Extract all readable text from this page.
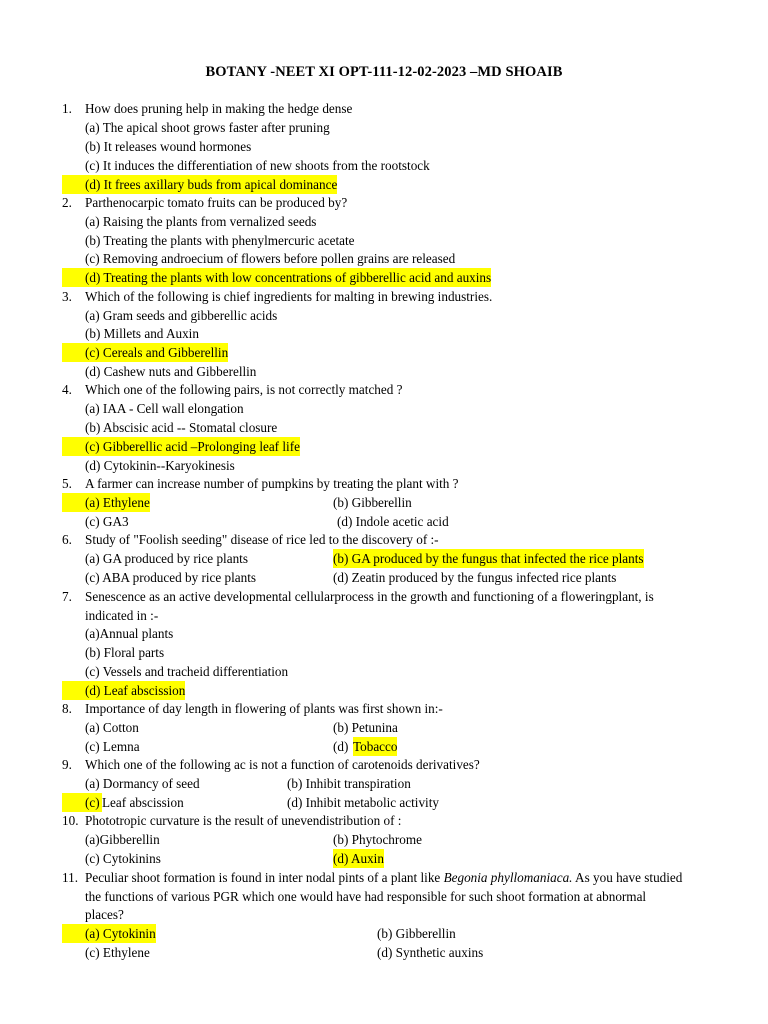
BOTANY -NEET XI OPT-111-12-02-2023 –MD SHOAIB
1. How does pruning help in making the hedge dense
(a) The apical shoot grows faster after pruning
(b) It releases wound hormones
(c) It induces the differentiation of new shoots from the rootstock
(d) It frees axillary buds from apical dominance
2. Parthenocarpic tomato fruits can be produced by?
(a) Raising the plants from vernalized seeds
(b) Treating the plants with phenylmercuric acetate
(c) Removing androecium of flowers before pollen grains are released
(d) Treating the plants with low concentrations of gibberellic acid and auxins
3. Which of the following is chief ingredients for malting in brewing industries.
(a) Gram seeds and gibberellic acids
(b) Millets and Auxin
(c) Cereals and Gibberellin
(d) Cashew nuts and Gibberellin
4. Which one of the following pairs, is not correctly matched ?
(a) IAA - Cell wall elongation
(b) Abscisic acid -- Stomatal closure
(c) Gibberellic acid –Prolonging leaf life
(d) Cytokinin--Karyokinesis
5. A farmer can increase number of pumpkins by treating the plant with ?
(a) Ethylene	(b) Gibberellin
(c) GA3	(d) Indole acetic acid
6. Study of "Foolish seeding" disease of rice led to the discovery of :-
(a) GA produced by rice plants	(b) GA produced by the fungus that infected the rice plants
(c) ABA produced by rice plants	(d) Zeatin produced by the fungus infected rice plants
7. Senescence as an active developmental cellularprocess in the growth and functioning of a floweringplant, is
indicated in :-
(a)Annual plants
(b) Floral parts
(c) Vessels and tracheid differentiation
(d) Leaf abscission
8. Importance of day length in flowering of plants was first shown in:-
(a) Cotton	(b) Petunina
(c) Lemna	(d) Tobacco
9. Which one of the following ac is not a function of carotenoids derivatives?
(a) Dormancy of seed	(b) Inhibit transpiration
(c) Leaf abscission	(d) Inhibit metabolic activity
10. Phototropic curvature is the result of unevendistribution of :
(a)Gibberellin	(b) Phytochrome
(c) Cytokinins	(d) Auxin
11. Peculiar shoot formation is found in inter nodal pints of a plant like Begonia phyllomaniaca. As you have studied
the functions of various PGR which one would have had responsible for such shoot formation at abnormal
places?
(a) Cytokinin	(b) Gibberellin
(c) Ethylene	(d) Synthetic auxins
